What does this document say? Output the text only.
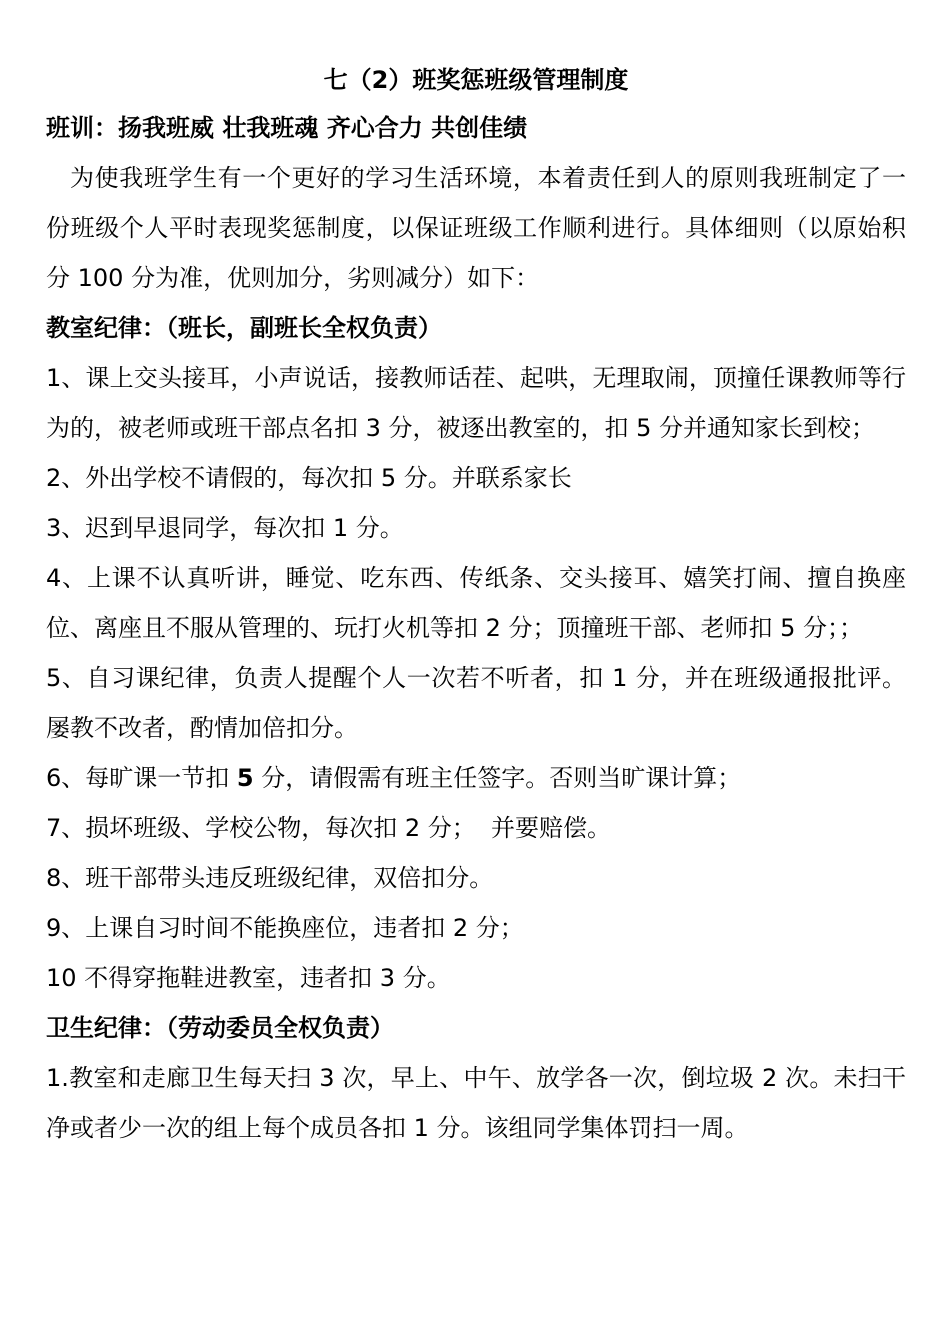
七（2）班奖惩班级管理制度

班训：扬我班威 壮我班魂 齐心合力 共创佳绩

为使我班学生有一个更好的学习生活环境，本着责任到人的原则我班制定了一份班级个人平时表现奖惩制度，以保证班级工作顺利进行。具体细则（以原始积分 100 分为准，优则加分，劣则减分）如下：

教室纪律：（班长，副班长全权负责）

1、课上交头接耳，小声说话，接教师话茬、起哄，无理取闹，顶撞任课教师等行为的，被老师或班干部点名扣 3 分，被逐出教室的，扣 5 分并通知家长到校；

2、外出学校不请假的，每次扣 5 分。并联系家长

3、迟到早退同学，每次扣 1 分。

4、上课不认真听讲，睡觉、吃东西、传纸条、交头接耳、嬉笑打闹、擅自换座位、离座且不服从管理的、玩打火机等扣 2 分；顶撞班干部、老师扣 5 分；；

5、自习课纪律，负责人提醒个人一次若不听者，扣 1 分，并在班级通报批评。屡教不改者，酌情加倍扣分。

6、每旷课一节扣 5 分，请假需有班主任签字。否则当旷课计算；

7、损坏班级、学校公物，每次扣 2 分；  并要赔偿。

8、班干部带头违反班级纪律，双倍扣分。

9、上课自习时间不能换座位，违者扣 2 分；

10 不得穿拖鞋进教室，违者扣 3 分。

卫生纪律：（劳动委员全权负责）

1.教室和走廊卫生每天扫 3 次，早上、中午、放学各一次，倒垃圾 2 次。未扫干净或者少一次的组上每个成员各扣 1 分。该组同学集体罚扫一周。
